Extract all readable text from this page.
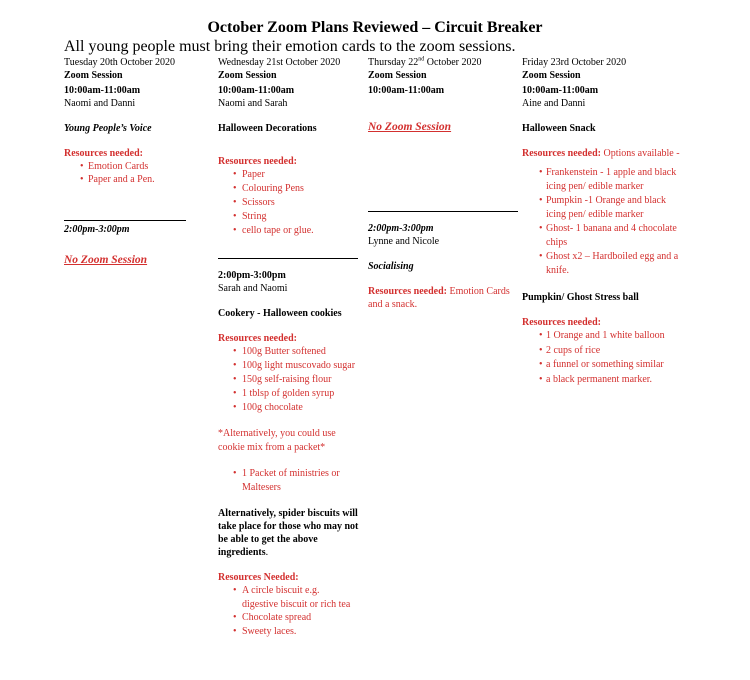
October Zoom Plans Reviewed – Circuit Breaker
All young people must bring their emotion cards to the zoom sessions.
Tuesday 20th October 2020
Zoom Session
10:00am-11:00am
Naomi and Danni
Young People’s Voice
Resources needed:
• Emotion Cards
• Paper and a Pen.
2:00pm-3:00pm
No Zoom Session
Wednesday 21st October 2020
Zoom Session
10:00am-11:00am
Naomi and Sarah
Halloween Decorations
Resources needed:
• Paper
• Colouring Pens
• Scissors
• String
• cello tape or glue.
2:00pm-3:00pm
Sarah and Naomi
Cookery - Halloween cookies
Resources needed:
• 100g Butter softened
• 100g light muscovado sugar
• 150g self-raising flour
• 1 tblsp of golden syrup
• 100g chocolate
*Alternatively, you could use cookie mix from a packet*
• 1 Packet of ministries or Maltesers
Alternatively, spider biscuits will take place for those who may not be able to get the above ingredients.
Resources Needed:
• A circle biscuit e.g. digestive biscuit or rich tea
• Chocolate spread
• Sweety laces.
Thursday 22nd October 2020
Zoom Session
10:00am-11:00am
No Zoom Session
2:00pm-3:00pm
Lynne and Nicole
Socialising
Resources needed: Emotion Cards and a snack.
Friday 23rd October 2020
Zoom Session
10:00am-11:00am
Aine and Danni
Halloween Snack
Resources needed: Options available -
• Frankenstein - 1 apple and black icing pen/ edible marker
• Pumpkin -1 Orange and black icing pen/ edible marker
• Ghost- 1 banana and 4 chocolate chips
• Ghost x2 – Hardboiled egg and a knife.
Pumpkin/ Ghost Stress ball
Resources needed:
• 1 Orange and 1 white balloon
• 2 cups of rice
• a funnel or something similar
• a black permanent marker.
